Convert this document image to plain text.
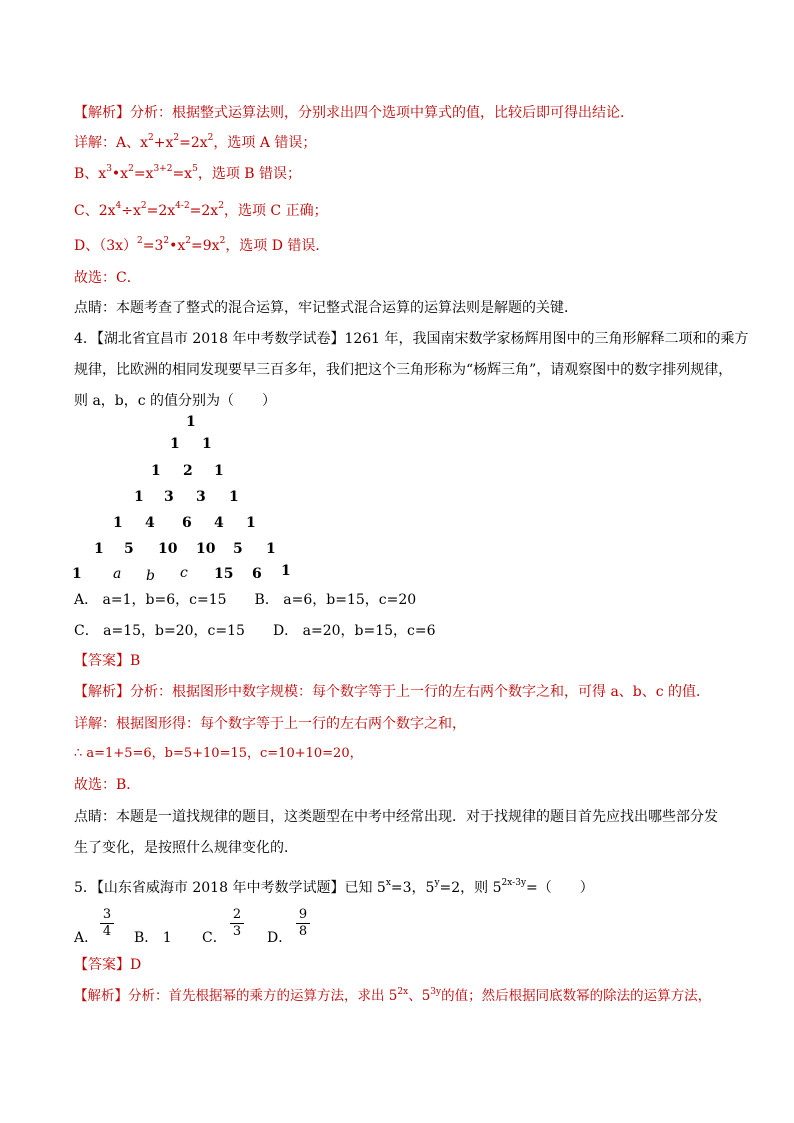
【解析】分析：根据整式运算法则，分别求出四个选项中算式的值，比较后即可得出结论．
详解：A、$x^2+x^2=2x^2$，选项 A 错误；
B、$x^3•x^2=x^{3+2}=x^5$，选项 B 错误；
C、$2x^4\div x^2=2x^{4-2}=2x^2$，选项 C 正确；
D、$(3x)^2=3^2•x^2=9x^2$，选项 D 错误．
故选：C．
点睛：本题考查了整式的混合运算，牢记整式混合运算的运算法则是解题的关键．
4．【湖北省宜昌市 2018 年中考数学试卷】1261 年，我国南宋数学家杨辉用图中的三角形解释二项和的乘方
规律，比欧洲的相同发现要早三百多年，我们把这个三角形称为“杨辉三角”，请观察图中的数字排列规律，
则 a，b，c 的值分别为（　　）
1
1 1
1 2 1
1 3 3 1
1 4 6 4 1
1 5 10 10 5 1
1 a b c 15 6 1
A． a=1，b=6，c=15　　B． a=6，b=15，c=20
C． a=15，b=20，c=15　　D． a=20，b=15，c=6
【答案】B
【解析】分析：根据图形中数字规模：每个数字等于上一行的左右两个数字之和，可得 a、b、c 的值．
详解：根据图形得：每个数字等于上一行的左右两个数字之和，
∴ a=1+5=6，b=5+10=15，c=10+10=20，
故选：B．
点睛：本题是一道找规律的题目，这类题型在中考中经常出现．对于找规律的题目首先应找出哪些部分发
生了变化，是按照什么规律变化的．
5．【山东省威海市 2018 年中考数学试题】已知 $5^x=3$，$5^y=2$，则 $5^{2x-3y}=$（　　）
A． $\frac{3}{4}$ B． 1 C． $\frac{2}{3}$ D． $\frac{9}{8}$
【答案】D
【解析】分析：首先根据幂的乘方的运算方法，求出 $5^{2x}$、$5^{3y}$的值；然后根据同底数幂的除法的运算方法，
